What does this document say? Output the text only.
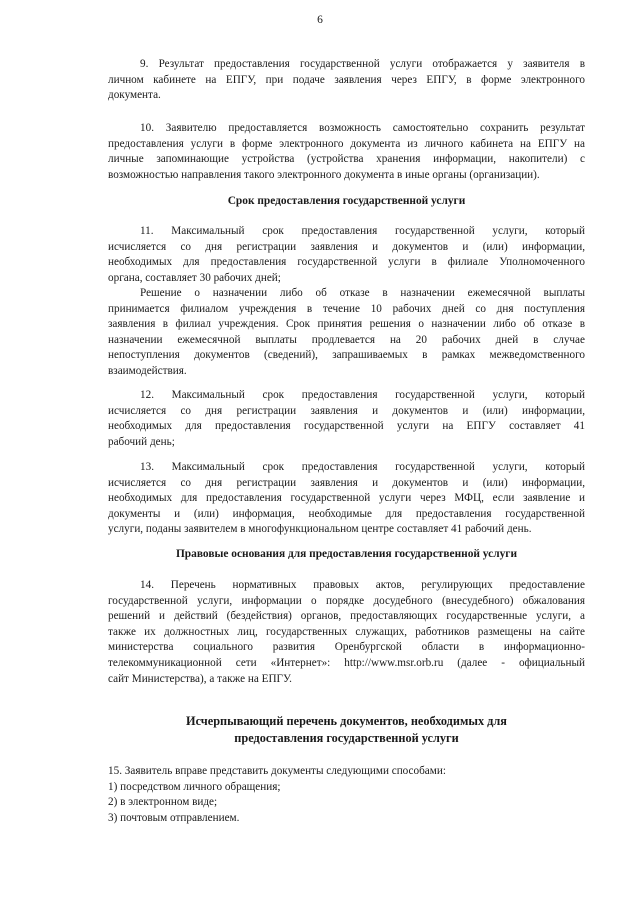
6
9. Результат предоставления государственной услуги отображается у заявителя в
личном кабинете на ЕПГУ, при подаче заявления через ЕПГУ, в форме электронного
документа.
10. Заявителю предоставляется возможность самостоятельно сохранить результат
предоставления услуги в форме электронного документа из личного кабинета на ЕПГУ на
личные запоминающие устройства (устройства хранения информации, накопители) с
возможностью направления такого электронного документа в иные органы (организации).
Срок предоставления государственной услуги
11. Максимальный срок предоставления государственной услуги, который
исчисляется со дня регистрации заявления и документов и (или) информации,
необходимых для предоставления государственной услуги в филиале Уполномоченного
органа, составляет 30 рабочих дней;
Решение о назначении либо об отказе в назначении ежемесячной выплаты
принимается филиалом учреждения в течение 10 рабочих дней со дня поступления
заявления в филиал учреждения. Срок принятия решения о назначении либо об отказе в
назначении ежемесячной выплаты продлевается на 20 рабочих дней в случае
непоступления документов (сведений), запрашиваемых в рамках межведомственного
взаимодействия.
12. Максимальный срок предоставления государственной услуги, который
исчисляется со дня регистрации заявления и документов и (или) информации,
необходимых для предоставления государственной услуги на ЕПГУ составляет 41
рабочий день;
13. Максимальный срок предоставления государственной услуги, который
исчисляется со дня регистрации заявления и документов и (или) информации,
необходимых для предоставления государственной услуги через МФЦ, если заявление и
документы и (или) информация, необходимые для предоставления государственной
услуги, поданы заявителем в многофункциональном центре составляет 41 рабочий день.
Правовые основания для предоставления государственной услуги
14. Перечень нормативных правовых актов, регулирующих предоставление
государственной услуги, информации о порядке досудебного (внесудебного) обжалования
решений и действий (бездействия) органов, предоставляющих государственные услуги, а
также их должностных лиц, государственных служащих, работников размещены на сайте
министерства социального развития Оренбургской области в информационно-
телекоммуникационной сети «Интернет»: http://www.msr.orb.ru (далее - официальный
сайт Министерства), а также на ЕПГУ.
Исчерпывающий перечень документов, необходимых для
предоставления государственной услуги
15. Заявитель вправе представить документы следующими способами:
1) посредством личного обращения;
2) в электронном виде;
3) почтовым отправлением.
